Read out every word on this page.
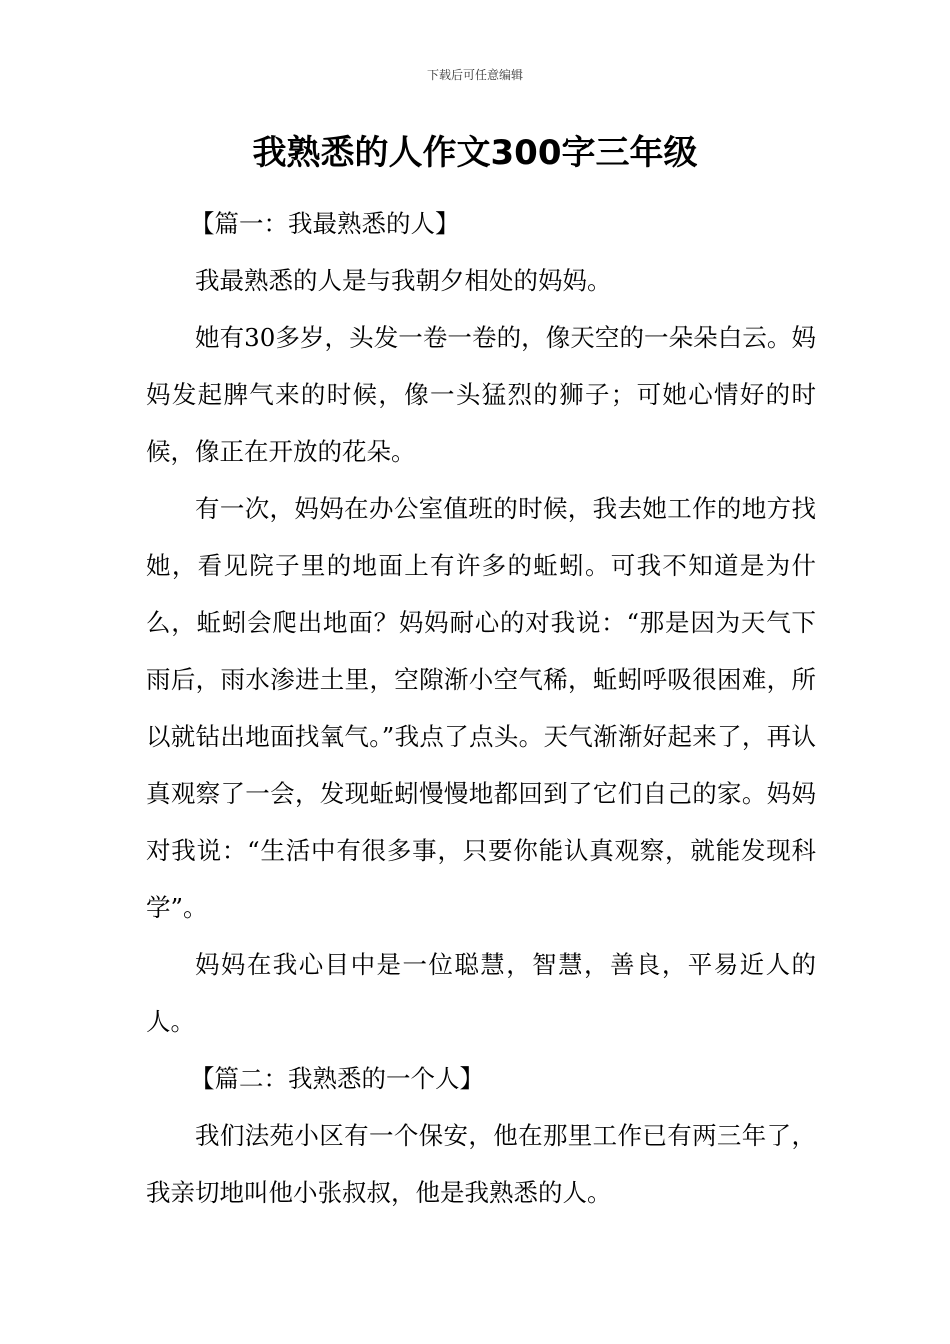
下载后可任意编辑
我熟悉的人作文300字三年级

【篇一：我最熟悉的人】

我最熟悉的人是与我朝夕相处的妈妈。

她有30多岁，头发一卷一卷的，像天空的一朵朵白云。妈妈发起脾气来的时候，像一头猛烈的狮子；可她心情好的时候，像正在开放的花朵。

有一次，妈妈在办公室值班的时候，我去她工作的地方找她，看见院子里的地面上有许多的蚯蚓。可我不知道是为什么，蚯蚓会爬出地面？妈妈耐心的对我说：“那是因为天气下雨后，雨水渗进土里，空隙渐小空气稀，蚯蚓呼吸很困难，所以就钻出地面找氧气。”我点了点头。天气渐渐好起来了，再认真观察了一会，发现蚯蚓慢慢地都回到了它们自己的家。妈妈对我说：“生活中有很多事，只要你能认真观察，就能发现科学”。

妈妈在我心目中是一位聪慧，智慧，善良，平易近人的人。

【篇二：我熟悉的一个人】

我们法苑小区有一个保安，他在那里工作已有两三年了，我亲切地叫他小张叔叔，他是我熟悉的人。
